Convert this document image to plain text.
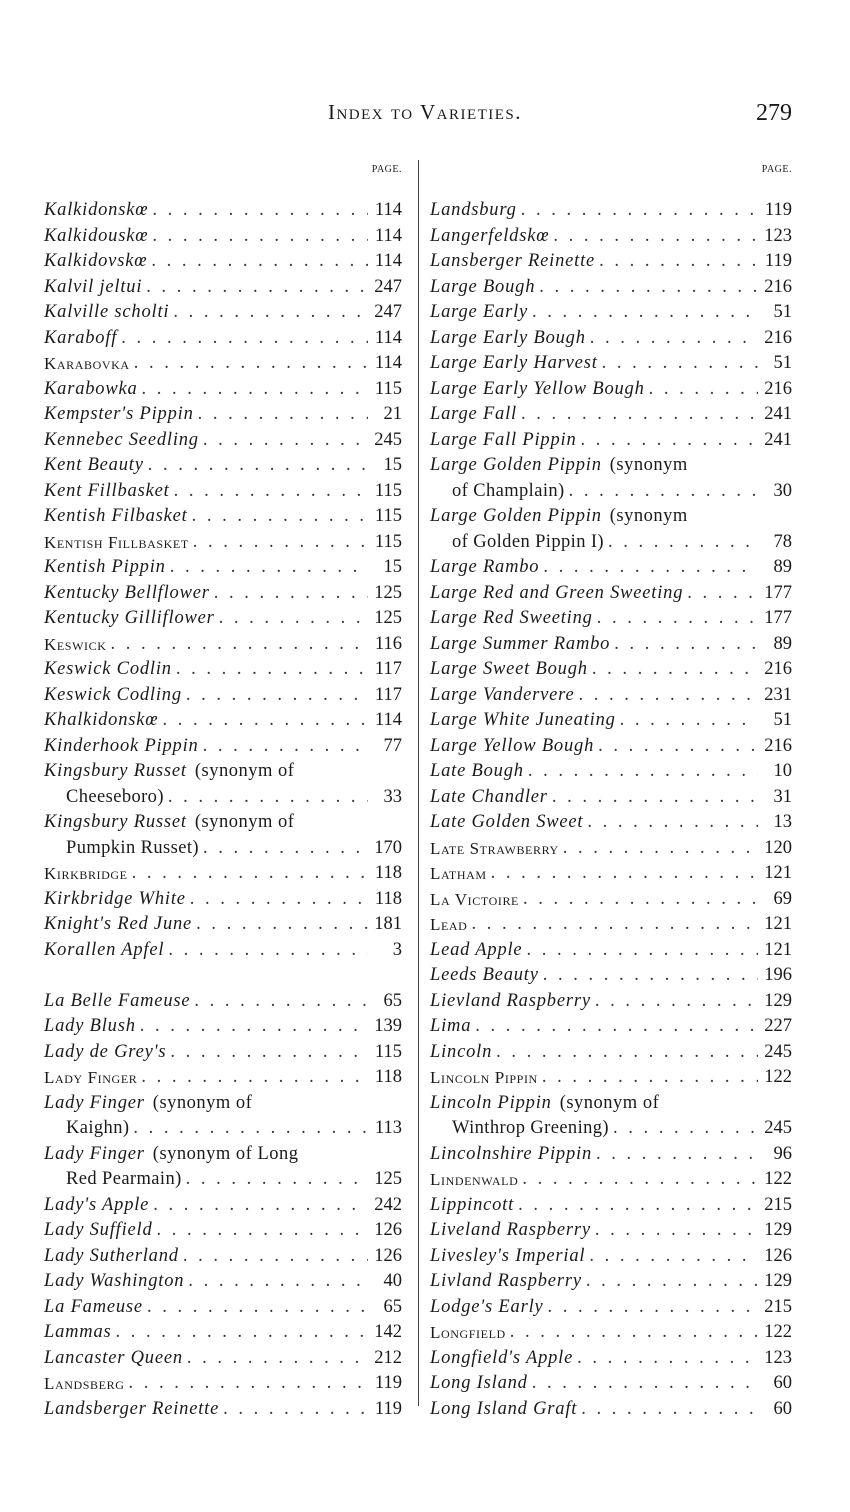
Index to Varieties.	279
PAGE.
Kalkidonskœ . . .	114
Kalkidouskœ . . .	114
Kalkidovskœ . . .	114
Kalvil jeltui . . .	247
Kalville scholti . . .	247
Karaboff . . .	114
Karabovka . . .	114
Karabowka . . .	115
Kempster's Pippin . . .	21
Kennebec Seedling . . .	245
Kent Beauty . . .	15
Kent Fillbasket . . .	115
Kentish Filbasket . . .	115
Kentish Fillbasket . . .	115
Kentish Pippin . . .	15
Kentucky Bellflower . . .	125
Kentucky Gilliflower . . .	125
Keswick . . .	116
Keswick Codlin . . .	117
Keswick Codling . . .	117
Khalkidonskœ . . .	114
Kinderhook Pippin . . .	77
Kingsbury Russet (synonym of
Cheeseboro) . . .	33
Kingsbury Russet (synonym of
Pumpkin Russet) . . .	170
Kirkbridge . . .	118
Kirkbridge White . . .	118
Knight's Red June . . .	181
Korallen Apfel . . .	3
La Belle Fameuse . . .	65
Lady Blush . . .	139
Lady de Grey's . . .	115
Lady Finger . . .	118
Lady Finger (synonym of
Kaighn) . . .	113
Lady Finger (synonym of Long
Red Pearmain) . . .	125
Lady's Apple . . .	242
Lady Suffield . . .	126
Lady Sutherland . . .	126
Lady Washington . . .	40
La Fameuse . . .	65
Lammas . . .	142
Lancaster Queen . . .	212
Landsberg . . .	119
Landsberger Reinette . . .	119
PAGE.
Landsburg . . .	119
Langerfeldskœ . . .	123
Lansberger Reinette . . .	119
Large Bough . . .	216
Large Early . . .	51
Large Early Bough . . .	216
Large Early Harvest . . .	51
Large Early Yellow Bough . . .	216
Large Fall . . .	241
Large Fall Pippin . . .	241
Large Golden Pippin (synonym
of Champlain) . . .	30
Large Golden Pippin (synonym
of Golden Pippin I) . . .	78
Large Rambo . . .	89
Large Red and Green Sweeting . . .	177
Large Red Sweeting . . .	177
Large Summer Rambo . . .	89
Large Sweet Bough . . .	216
Large Vandervere . . .	231
Large White Juneating . . .	51
Large Yellow Bough . . .	216
Late Bough . . .	10
Late Chandler . . .	31
Late Golden Sweet . . .	13
Late Strawberry . . .	120
Latham . . .	121
La Victoire . . .	69
Lead . . .	121
Lead Apple . . .	121
Leeds Beauty . . .	196
Lievland Raspberry . . .	129
Lima . . .	227
Lincoln . . .	245
Lincoln Pippin . . .	122
Lincoln Pippin (synonym of
Winthrop Greening) . . .	245
Lincolnshire Pippin . . .	96
Lindenwald . . .	122
Lippincott . . .	215
Liveland Raspberry . . .	129
Livesley's Imperial . . .	126
Livland Raspberry . . .	129
Lodge's Early . . .	215
Longfield . . .	122
Longfield's Apple . . .	123
Long Island . . .	60
Long Island Graft . . .	60
